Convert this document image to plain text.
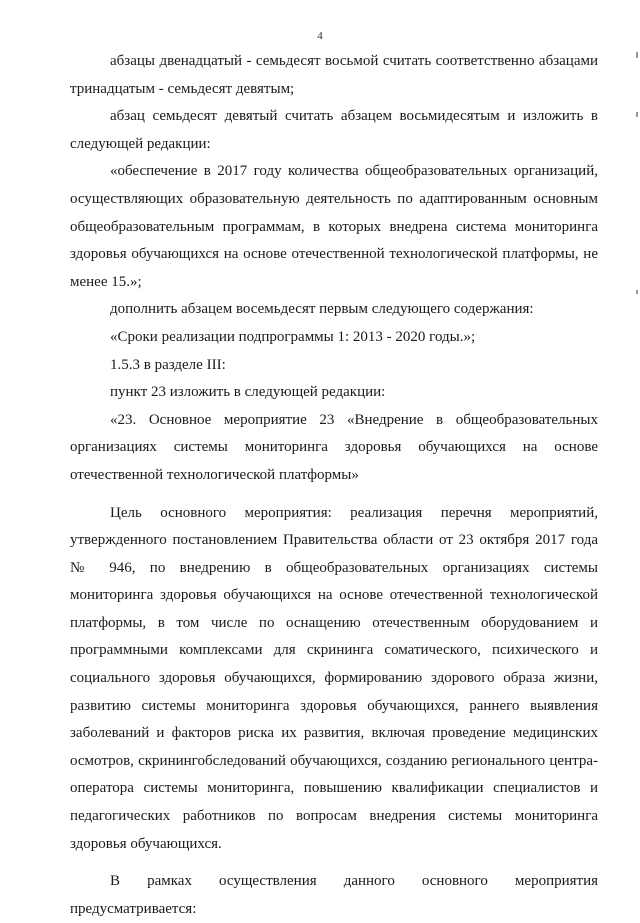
4

абзацы двенадцатый - семьдесят восьмой считать соответственно абзацами тринадцатым - семьдесят девятым;

абзац семьдесят девятый считать абзацем восьмидесятым и изложить в следующей редакции:

«обеспечение в 2017 году количества общеобразовательных организаций, осуществляющих образовательную деятельность по адаптированным основным общеобразовательным программам, в которых внедрена система мониторинга здоровья обучающихся на основе отечественной технологической платформы, не менее 15.»;

дополнить абзацем восемьдесят первым следующего содержания:

«Сроки реализации подпрограммы 1: 2013 - 2020 годы.»;

1.5.3 в разделе III:

пункт 23 изложить в следующей редакции:

«23. Основное мероприятие 23 «Внедрение в общеобразовательных организациях системы мониторинга здоровья обучающихся на основе отечественной технологической платформы»

Цель основного мероприятия: реализация перечня мероприятий, утвержденного постановлением Правительства области от 23 октября 2017 года № 946, по внедрению в общеобразовательных организациях системы мониторинга здоровья обучающихся на основе отечественной технологической платформы, в том числе по оснащению отечественным оборудованием и программными комплексами для скрининга соматического, психического и социального здоровья обучающихся, формированию здорового образа жизни, развитию системы мониторинга здоровья обучающихся, раннего выявления заболеваний и факторов риска их развития, включая проведение медицинских осмотров, скринингобследований обучающихся, созданию регионального центра-оператора системы мониторинга, повышению квалификации специалистов и педагогических работников по вопросам внедрения системы мониторинга здоровья обучающихся.

В рамках осуществления данного основного мероприятия предусматривается:
